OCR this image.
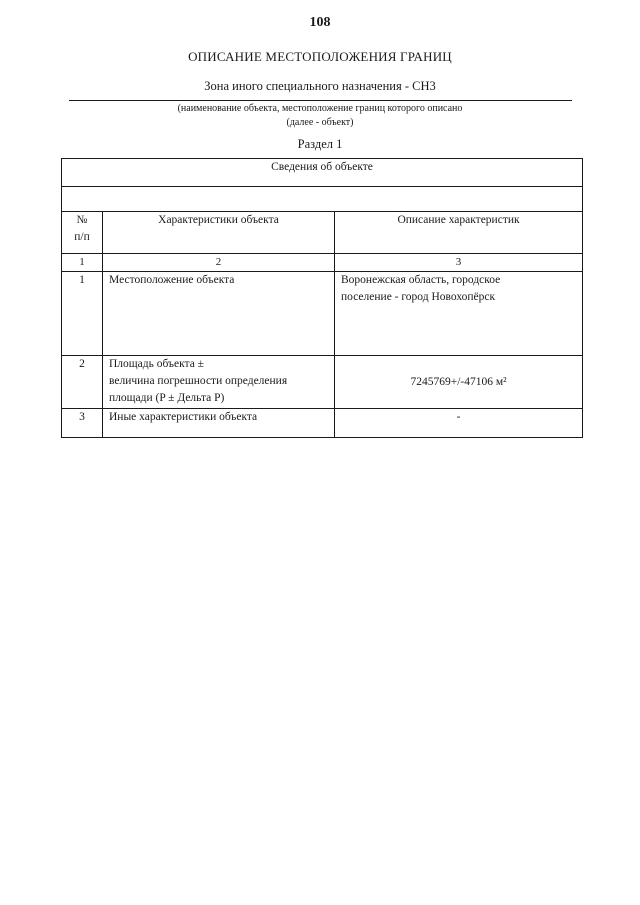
108
ОПИСАНИЕ МЕСТОПОЛОЖЕНИЯ ГРАНИЦ
Зона иного специального назначения - СН3
(наименование объекта, местоположение границ которого описано
(далее - объект)
Раздел 1
Сведения об объекте		

№
п/п	Характеристики объекта	Описание характеристик
1	2	3
1	Местоположение объекта	Воронежская область, городское
поселение - город Новохопёрск

2	Площадь объекта ±
величина погрешности определения
площади (P ± Дельта P)	7245769+/-47106 м²

3	Иные характеристики объекта	-
